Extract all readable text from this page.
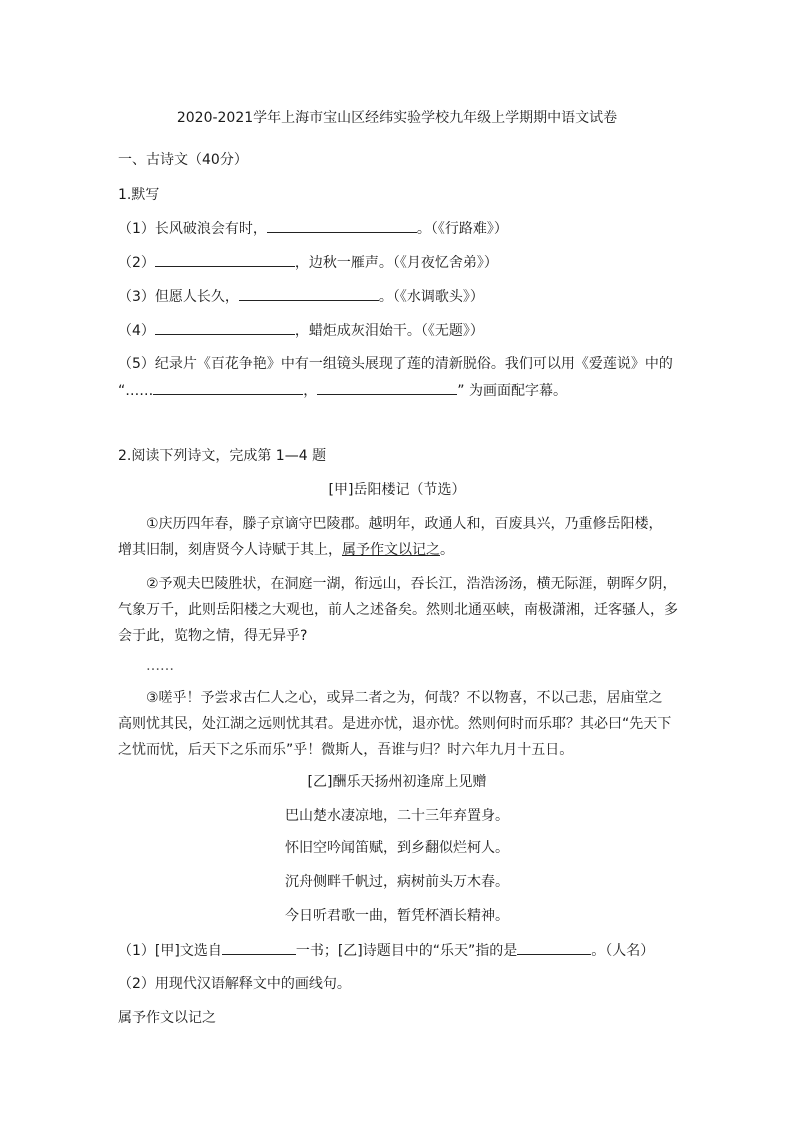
2020-2021学年上海市宝山区经纬实验学校九年级上学期期中语文试卷
一、古诗文（40分）
1.默写
（1）长风破浪会有时，	。（《行路难》）
（2）	，边秋一雁声。（《月夜忆舍弟》）
（3）但愿人长久，	。（《水调歌头》）
（4）	，蜡炬成灰泪始干。（《无题》）
（5）纪录片《百花争艳》中有一组镜头展现了莲的清新脱俗。我们可以用《爱莲说》中的
“……	，	” 为画面配字幕。
2.阅读下列诗文，完成第 1—4 题
[甲]岳阳楼记（节选）
①庆历四年春，滕子京谪守巴陵郡。越明年，政通人和，百废具兴，乃重修岳阳楼，
增其旧制，刻唐贤今人诗赋于其上，属予作文以记之。
②予观夫巴陵胜状，在洞庭一湖，衔远山，吞长江，浩浩汤汤，横无际涯，朝晖夕阴，
气象万千，此则岳阳楼之大观也，前人之述备矣。然则北通巫峡，南极潇湘，迁客骚人，多
会于此，览物之情，得无异乎?
……
③嗟乎！予尝求古仁人之心，或异二者之为，何哉？不以物喜，不以己悲，居庙堂之
高则忧其民，处江湖之远则忧其君。是进亦忧，退亦忧。然则何时而乐耶？其必曰“先天下
之忧而忧，后天下之乐而乐”乎！微斯人，吾谁与归？时六年九月十五日。
[乙]酬乐天扬州初逢席上见赠
巴山楚水凄凉地，二十三年弃置身。
怀旧空吟闻笛赋，到乡翻似烂柯人。
沉舟侧畔千帆过，病树前头万木春。
今日听君歌一曲，暂凭杯酒长精神。
（1）[甲]文选自	一书；[乙]诗题目中的“乐天”指的是	。（人名）
（2）用现代汉语解释文中的画线句。
属予作文以记之
